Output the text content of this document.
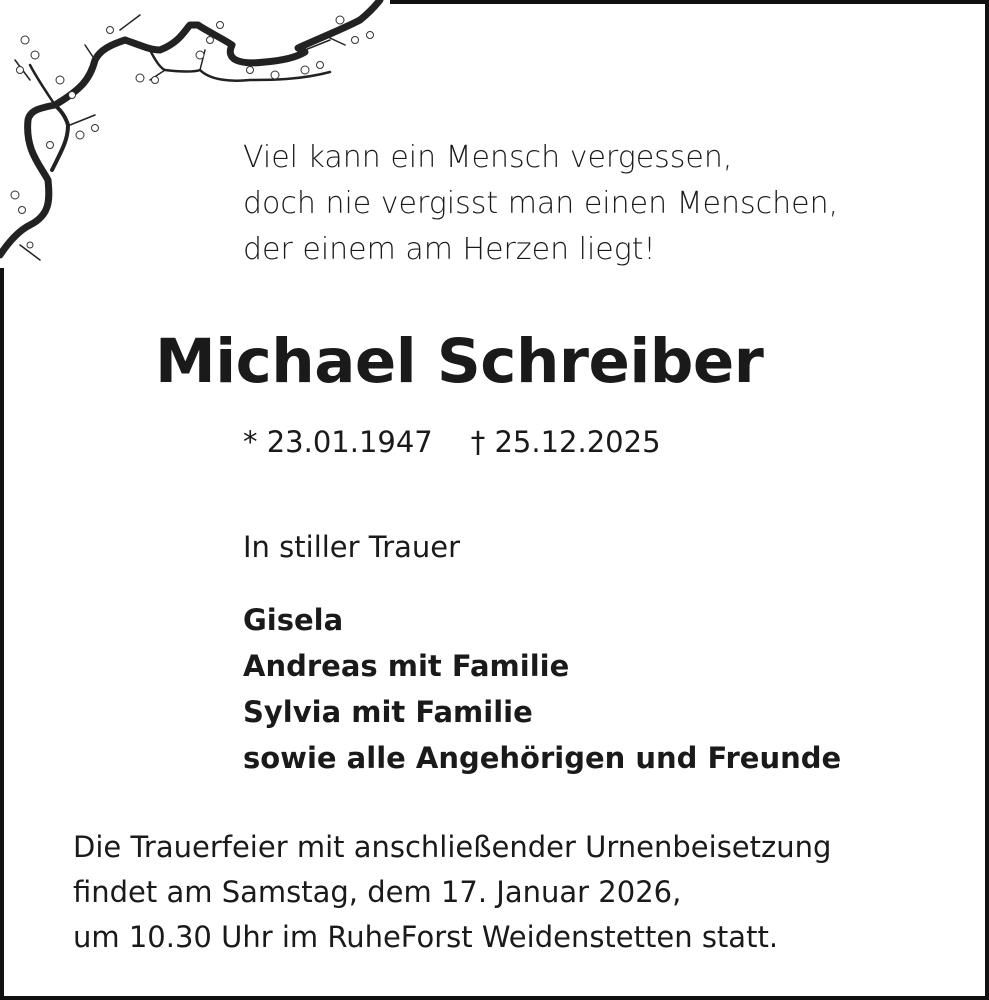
Viel kann ein Mensch vergessen,
doch nie vergisst man einen Menschen,
der einem am Herzen liegt!
Michael Schreiber
* 23.01.1947 † 25.12.2025
In stiller Trauer
Gisela
Andreas mit Familie
Sylvia mit Familie
sowie alle Angehörigen und Freunde
Die Trauerfeier mit anschließender Urnenbeisetzung
findet am Samstag, dem 17. Januar 2026,
um 10.30 Uhr im RuheForst Weidenstetten statt.
